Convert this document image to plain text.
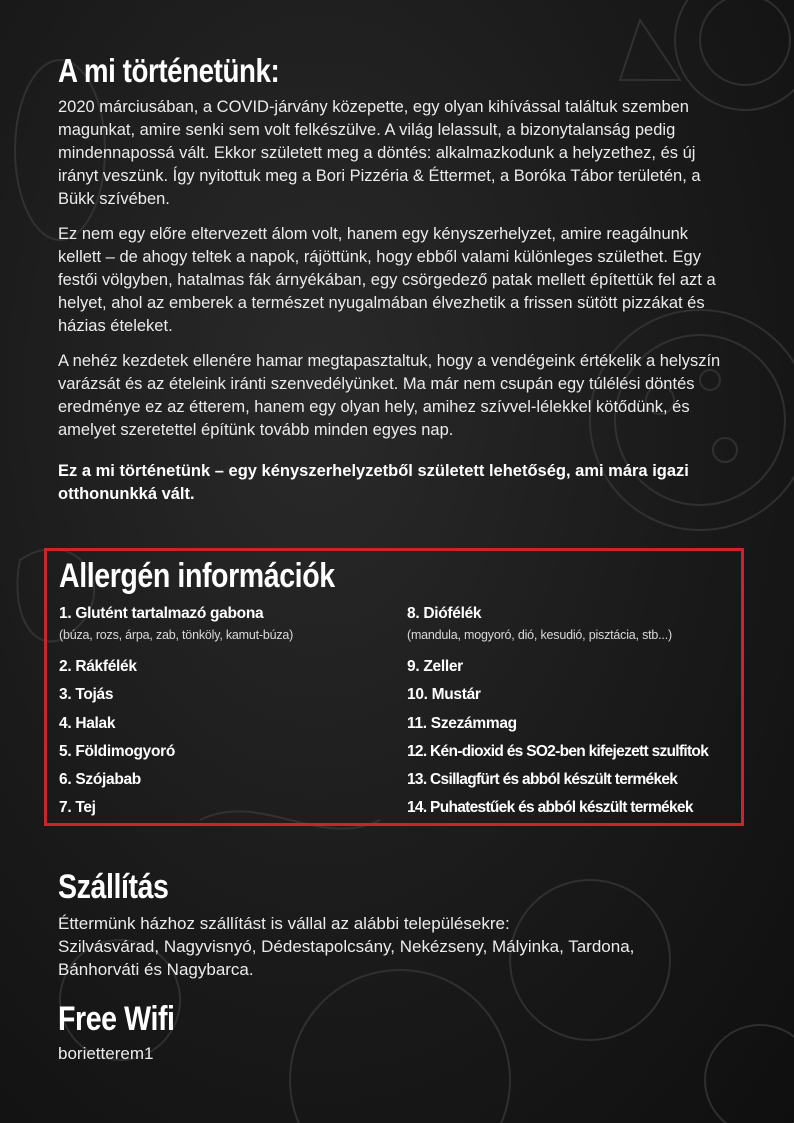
A mi történetünk:

2020 márciusában, a COVID-járvány közepette, egy olyan kihívással találtuk szemben magunkat, amire senki sem volt felkészülve. A világ lelassult, a bizonytalanság pedig mindennapossá vált. Ekkor született meg a döntés: alkalmazkodunk a helyzethez, és új irányt veszünk. Így nyitottuk meg a Bori Pizzéria & Éttermet, a Boróka Tábor területén, a Bükk szívében.

Ez nem egy előre eltervezett álom volt, hanem egy kényszerhelyzet, amire reagálnunk kellett – de ahogy teltek a napok, rájöttünk, hogy ebből valami különleges születhet. Egy festői völgyben, hatalmas fák árnyékában, egy csörgedező patak mellett építettük fel azt a helyet, ahol az emberek a természet nyugalmában élvezhetik a frissen sütött pizzákat és házias ételeket.

A nehéz kezdetek ellenére hamar megtapasztaltuk, hogy a vendégeink értékelik a helyszín varázsát és az ételeink iránti szenvedélyünket. Ma már nem csupán egy túlélési döntés eredménye ez az étterem, hanem egy olyan hely, amihez szívvel-lélekkel kötődünk, és amelyet szeretettel építünk tovább minden egyes nap.

Ez a mi történetünk – egy kényszerhelyzetből született lehetőség, ami mára igazi otthonunkká vált.

Szállítás

Éttermünk házhoz szállítást is vállal az alábbi településekre:

Szilvásvárad, Nagyvisnyó, Dédestapolcsány, Nekézseny, Mályinka, Tardona,

Bánhorváti és Nagybarca.

Free Wifi
borietterem1
Allergén információk
1. Glutént tartalmazó gabona
(búza, rozs, árpa, zab, tönköly, kamut-búza)
2. Rákfélék
3. Tojás
4. Halak
5. Földimogyoró
6. Szójabab
7. Tej
8. Diófélék
(mandula, mogyoró, dió, kesudió, pisztácia, stb...)
9. Zeller
10. Mustár
11. Szezámmag
12. Kén-dioxid és SO2-ben kifejezett szulfitok
13. Csillagfürt és abból készült termékek
14. Puhatestűek és abból készült termékek
